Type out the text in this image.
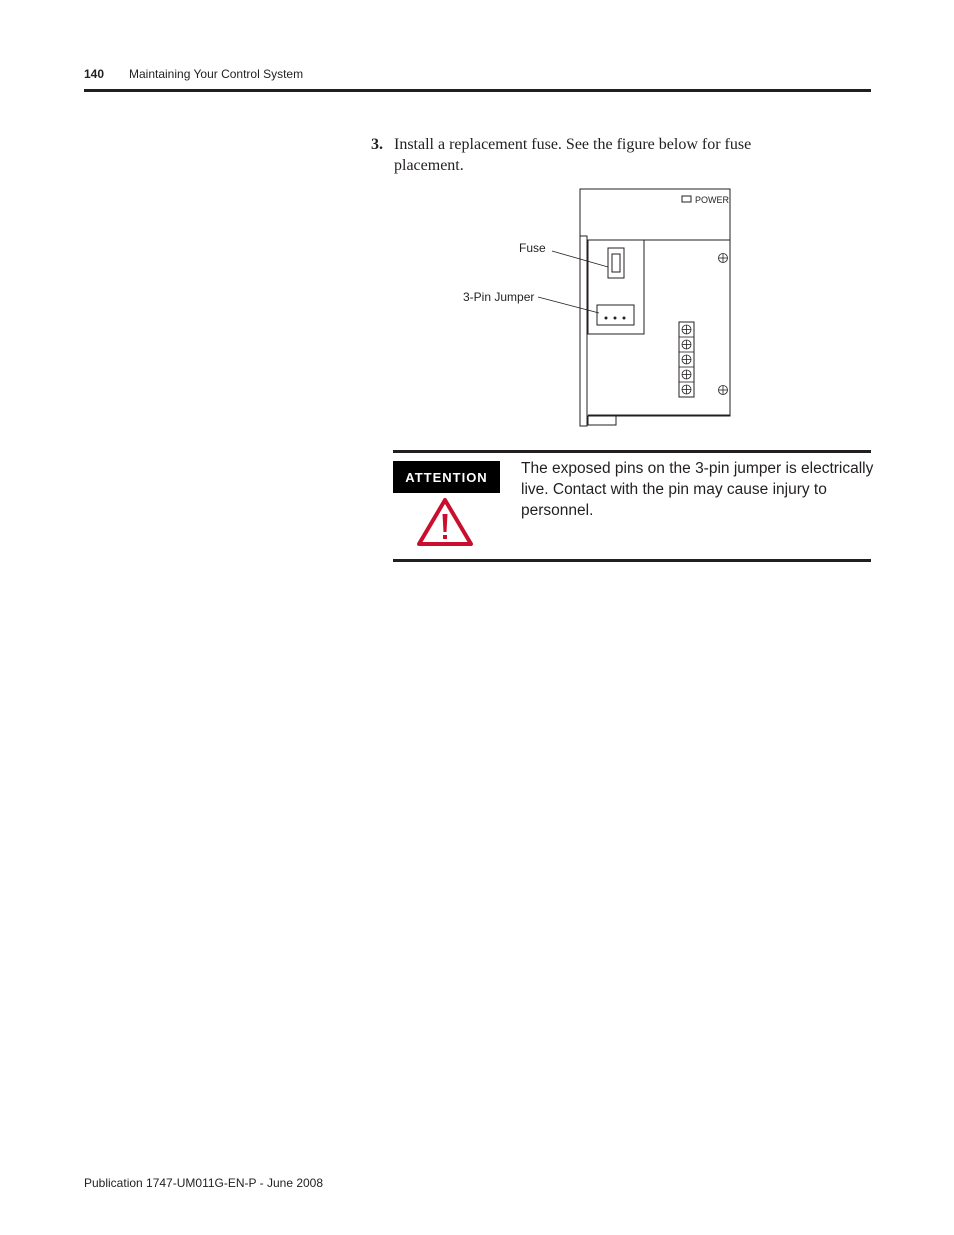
140 Maintaining Your Control System
3. Install a replacement fuse. See the figure below for fuse placement.
POWER
Fuse
3-Pin Jumper
ATTENTION	The exposed pins on the 3-pin jumper is electrically live. Contact with the pin may cause injury to personnel.
Publication 1747-UM011G-EN-P - June 2008
